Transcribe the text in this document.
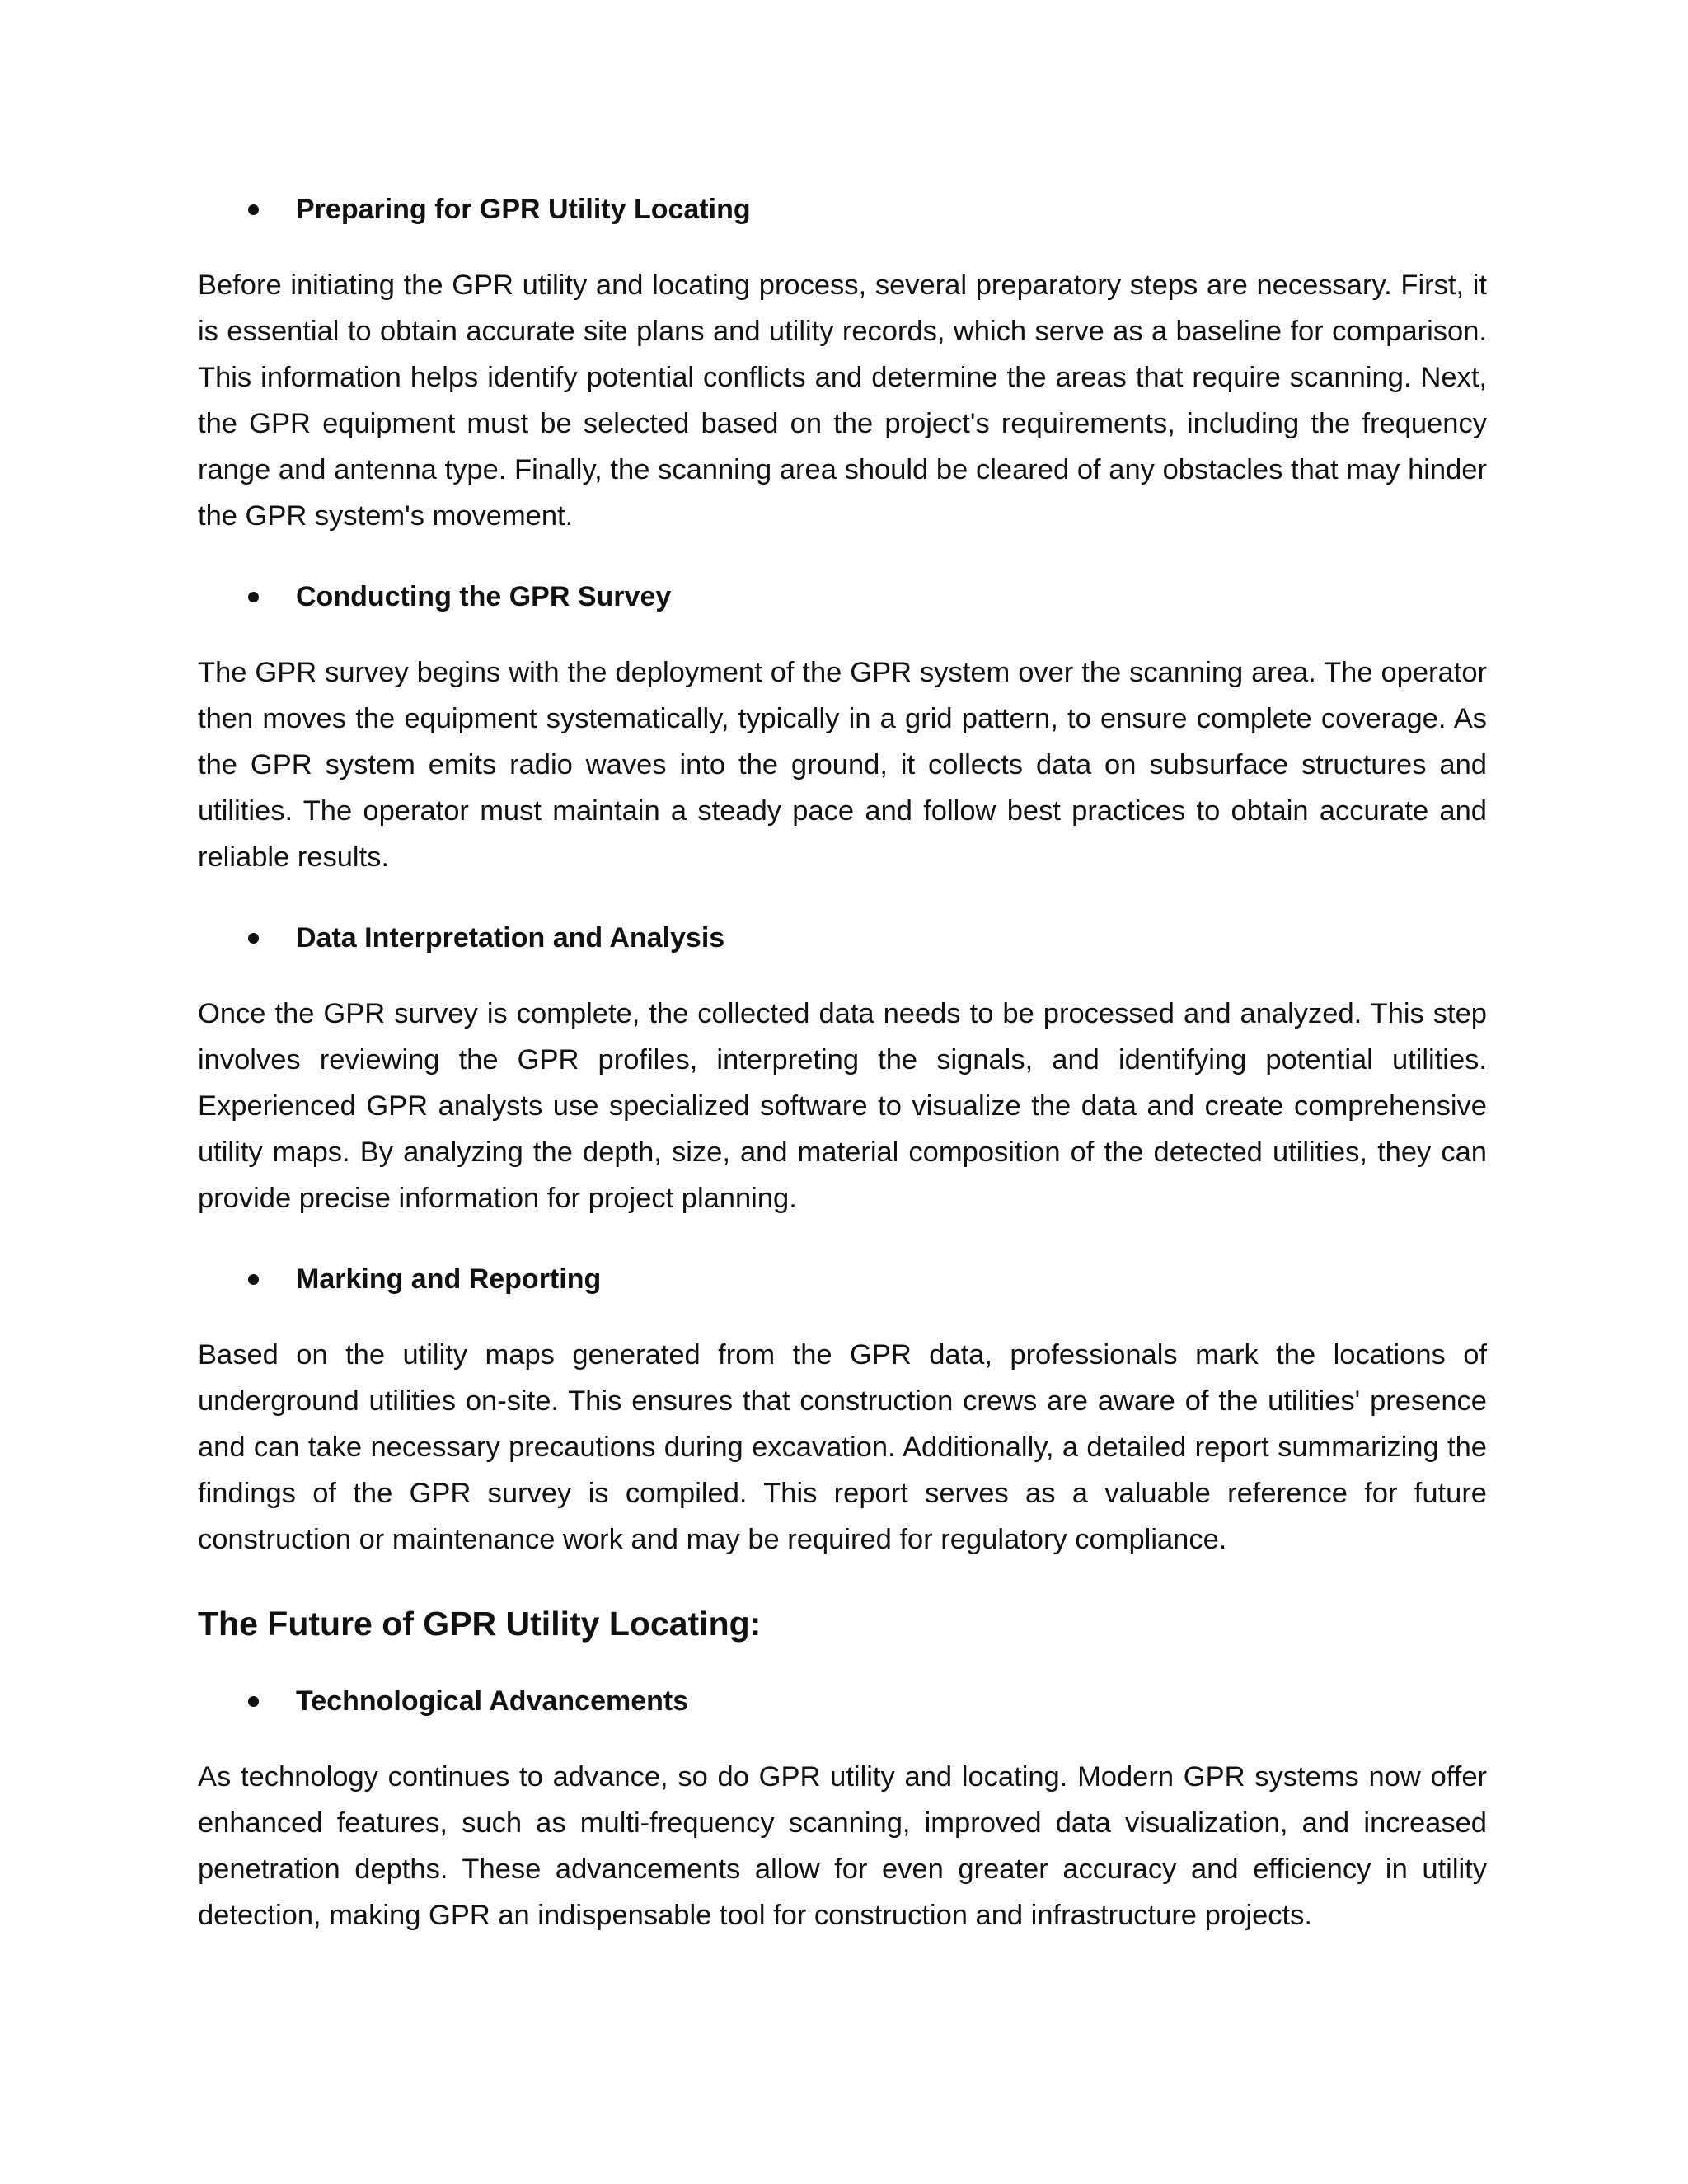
Preparing for GPR Utility Locating

Before initiating the GPR utility and locating process, several preparatory steps are necessary. First, it is essential to obtain accurate site plans and utility records, which serve as a baseline for comparison. This information helps identify potential conflicts and determine the areas that require scanning. Next, the GPR equipment must be selected based on the project's requirements, including the frequency range and antenna type. Finally, the scanning area should be cleared of any obstacles that may hinder the GPR system's movement.

Conducting the GPR Survey

The GPR survey begins with the deployment of the GPR system over the scanning area. The operator then moves the equipment systematically, typically in a grid pattern, to ensure complete coverage. As the GPR system emits radio waves into the ground, it collects data on subsurface structures and utilities. The operator must maintain a steady pace and follow best practices to obtain accurate and reliable results.

Data Interpretation and Analysis

Once the GPR survey is complete, the collected data needs to be processed and analyzed. This step involves reviewing the GPR profiles, interpreting the signals, and identifying potential utilities. Experienced GPR analysts use specialized software to visualize the data and create comprehensive utility maps. By analyzing the depth, size, and material composition of the detected utilities, they can provide precise information for project planning.

Marking and Reporting

Based on the utility maps generated from the GPR data, professionals mark the locations of underground utilities on-site. This ensures that construction crews are aware of the utilities' presence and can take necessary precautions during excavation. Additionally, a detailed report summarizing the findings of the GPR survey is compiled. This report serves as a valuable reference for future construction or maintenance work and may be required for regulatory compliance.

The Future of GPR Utility Locating:
Technological Advancements

As technology continues to advance, so do GPR utility and locating. Modern GPR systems now offer enhanced features, such as multi-frequency scanning, improved data visualization, and increased penetration depths. These advancements allow for even greater accuracy and efficiency in utility detection, making GPR an indispensable tool for construction and infrastructure projects.
